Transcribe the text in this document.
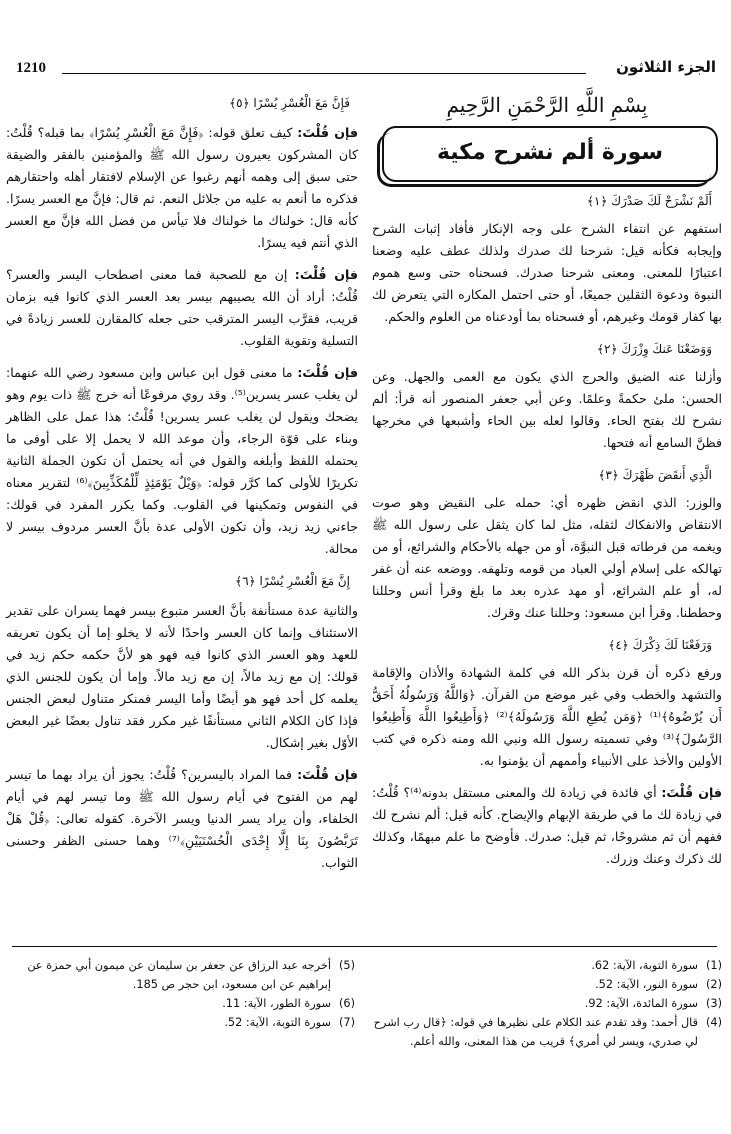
1210	الجزء الثلاثون
بِسْمِ اللَّهِ الرَّحْمَنِ الرَّحِيمِ
سورة ألم نشرح مكية
أَلَمْ نَشْرَحْ لَكَ صَدْرَكَ ﴿١﴾

استفهم عن انتفاء الشرح على وجه الإنكار فأفاد إثبات الشرح وإيجابه فكأنه قيل: شرحنا لك صدرك ولذلك عطف عليه وضعنا اعتبارًا للمعنى. ومعنى شرحنا صدرك. فسحناه حتى وسع هموم النبوة ودعوة الثقلين جميعًا، أو حتى احتمل المكاره التي يتعرض لك بها كفار قومك وغيرهم، أو فسحناه بما أودعناه من العلوم والحكم.

وَوَضَعْنَا عَنكَ وِزْرَكَ ﴿٢﴾

وأزلنا عنه الضيق والحرج الذي يكون مع العمى والجهل. وعن الحسن: ملئ حكمةً وعلمًا. وعن أبي جعفر المنصور أنه قرأ: ألم نشرح لك بفتح الحاء. وقالوا لعله بين الحاء وأشبعها في مخرجها فظنَّ السامع أنه فتحها.

الَّذِي أَنقَضَ ظَهْرَكَ ﴿٣﴾

والوزر: الذي انقض ظهره أي: حمله على النقيض وهو صوت الانتقاض والانفكاك لثقله، مثل لما كان يثقل على رسول الله ﷺ ويغمه من فرطاته قبل النبوَّة، أو من جهله بالأحكام والشرائع، أو من تهالكه على إسلام أولي العباد من قومه وتلهفه. ووضعه عنه أن غفر له، أو علم الشرائع، أو مهد عذره بعد ما بلغ وقرأ أنس وحللنا وحططنا. وقرأ ابن مسعود: وحللنا عنك وقرك.

وَرَفَعْنَا لَكَ ذِكْرَكَ ﴿٤﴾

ورفع ذكره أن قرن بذكر الله في كلمة الشهادة والأذان والإقامة والتشهد والخطب وفي غير موضع من القرآن. ﴿وَاللَّهُ وَرَسُولُهُ أَحَقُّ أَن يُرْضُوهُ﴾⁽¹⁾ ﴿وَمَن يُطِعِ اللَّهَ وَرَسُولَهُ﴾⁽²⁾ ﴿وَأَطِيعُوا اللَّهَ وَأَطِيعُوا الرَّسُولَ﴾⁽³⁾ وفي تسميته رسول الله ونبي الله ومنه ذكره في كتب الأولين والأخذ على الأنبياء وأممهم أن يؤمنوا به.

فإن قُلْتَ: أي فائدة في زيادة لك والمعنى مستقل بدونه⁽⁴⁾؟ قُلْتُ: في زيادة لك ما في طريقة الإبهام والإيضاح. كأنه قيل: ألم نشرح لك ففهم أن ثم مشروحًا، ثم قيل: صدرك. فأوضح ما علم مبهمًا، وكذلك لك ذكرك وعنك وزرك.

فَإِنَّ مَعَ الْعُسْرِ يُسْرًا ﴿٥﴾

فإن قُلْتَ: كيف تعلق قوله: ﴿فَإِنَّ مَعَ الْعُسْرِ يُسْرًا﴾ بما قبله؟ قُلْتُ: كان المشركون يعيرون رسول الله ﷺ والمؤمنين بالفقر والضيقة حتى سبق إلى وهمه أنهم رغبوا عن الإسلام لافتقار أهله واحتقارهم فذكره ما أنعم به عليه من جلائل النعم. ثم قال: فإنَّ مع العسر يسرًا. كأنه قال: خولناك ما خولناك فلا تيأس من فضل الله فإنَّ مع العسر الذي أنتم فيه يسرًا.

فإن قُلْتَ: إن مع للصحبة فما معنى اصطحاب اليسر والعسر؟ قُلْتُ: أراد أن الله يصيبهم بيسر بعد العسر الذي كانوا فيه بزمان قريب، فقرَّب اليسر المترقب حتى جعله كالمقارن للعسر زيادةً في التسلية وتقوية القلوب.

فإن قُلْتَ: ما معنى قول ابن عباس وابن مسعود رضي الله عنهما: لن يغلب عسر يسرين⁽⁵⁾. وقد روي مرفوعًا أنه خرج ﷺ ذات يوم وهو يضحك ويقول لن يغلب عسر يسرين! قُلْتُ: هذا عمل على الظاهر وبناء على قوّة الرجاء، وأن موعد الله لا يحمل إلا على أوفى ما يحتمله اللفظ وأبلغه والقول في أنه يحتمل أن تكون الجملة الثانية تكريرًا للأولى كما كرَّر قوله: ﴿وَيْلٌ يَوْمَئِذٍ لِّلْمُكَذِّبِينَ﴾⁽⁶⁾ لتقرير معناه في النفوس وتمكينها في القلوب. وكما يكرر المفرد في قولك: جاءني زيد زيد، وأن تكون الأولى عدة بأنَّ العسر مردوف بيسر لا محالة.

إِنَّ مَعَ الْعُسْرِ يُسْرًا ﴿٦﴾

والثانية عدة مستأنفة بأنَّ العسر متبوع بيسر فهما يسران على تقدير الاستئناف وإنما كان العسر واحدًا لأنه لا يخلو إما أن يكون تعريفه للعهد وهو العسر الذي كانوا فيه فهو هو لأنَّ حكمه حكم زيد في قولك: إن مع زيد مالاً، إن مع زيد مالاً. وإما أن يكون للجنس الذي يعلمه كل أحد فهو هو أيضًا وأما اليسر فمنكر متناول لبعض الجنس فإذا كان الكلام الثاني مستأنفًا غير مكرر فقد تناول بعضًا غير البعض الأوّل بغير إشكال.

فإن قُلْتَ: فما المراد باليسرين؟ قُلْتُ: يجوز أن يراد بهما ما تيسر لهم من الفتوح في أيام رسول الله ﷺ وما تيسر لهم في أيام الخلفاء، وأن يراد يسر الدنيا ويسر الآخرة. كقوله تعالى: ﴿قُلْ هَلْ تَرَبَّصُونَ بِنَا إِلَّا إِحْدَى الْحُسْنَيَيْنِ﴾⁽⁷⁾ وهما حسنى الظفر وحسنى الثواب.

(1)
سورة التوبة، الآية: 62.
(2)
سورة النور، الآية: 52.
(3)
سورة المائدة، الآية: 92.
(4)
قال أحمد: وقد تقدم عند الكلام على نظيرها في قوله: ﴿قال رب اشرح لي صدري، ويسر لي أمري﴾ قريب من هذا المعنى، والله أعلم.
(5)
أخرجه عبد الرزاق عن جعفر بن سليمان عن ميمون أبي حمزة عن إبراهيم عن ابن مسعود، ابن حجر ص 185.
(6)
سورة الطور، الآية: 11.
(7)
سورة التوبة، الآية: 52.
